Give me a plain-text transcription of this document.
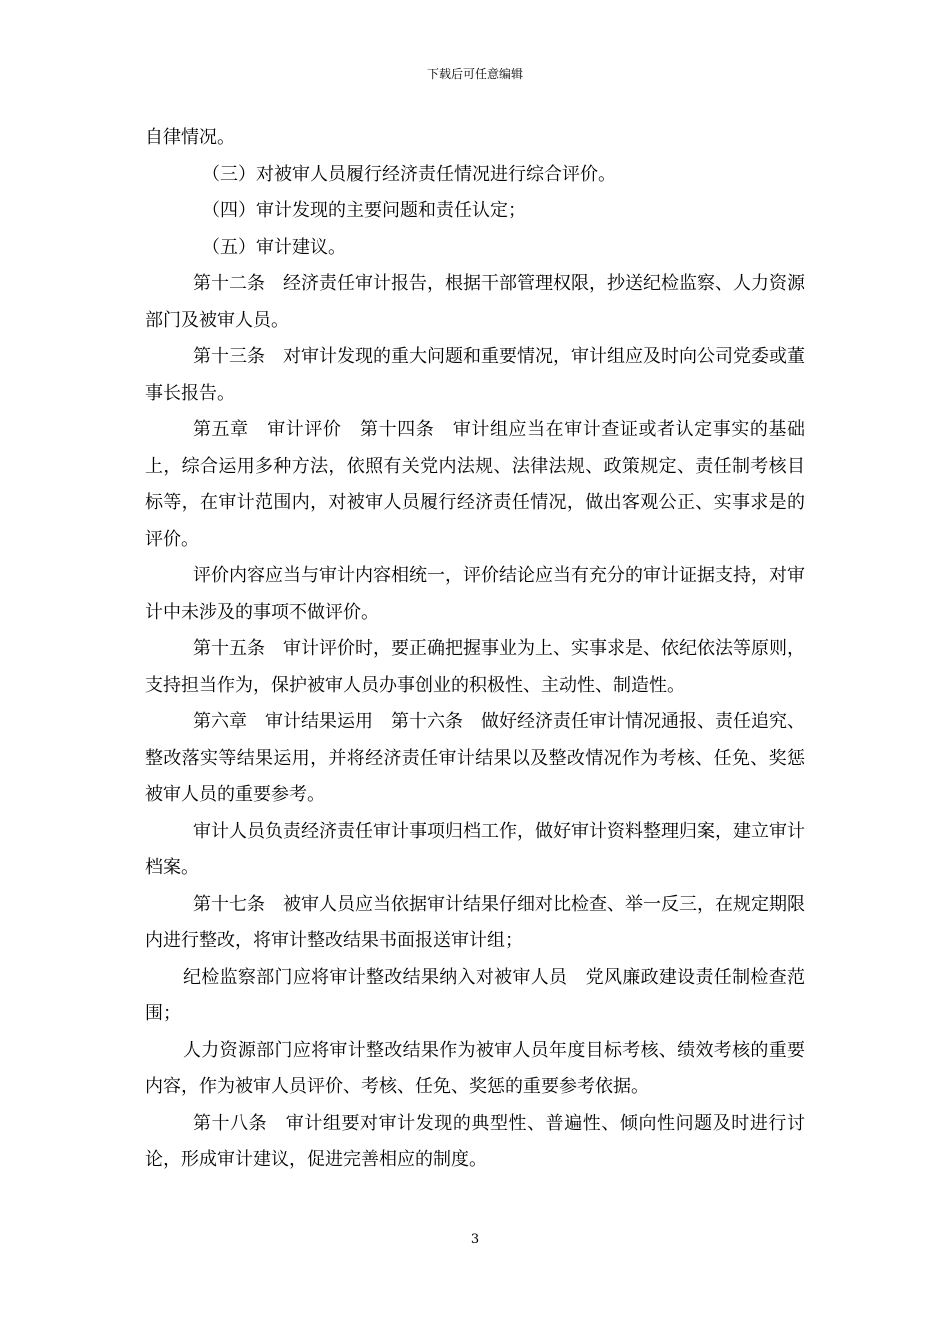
下载后可任意编辑

自律情况。

（三）对被审人员履行经济责任情况进行综合评价。

（四）审计发现的主要问题和责任认定；

（五）审计建议。

第十二条　经济责任审计报告，根据干部管理权限，抄送纪检监察、人力资源部门及被审人员。

第十三条　对审计发现的重大问题和重要情况，审计组应及时向公司党委或董事长报告。

第五章　审计评价　第十四条　审计组应当在审计查证或者认定事实的基础上，综合运用多种方法，依照有关党内法规、法律法规、政策规定、责任制考核目标等，在审计范围内，对被审人员履行经济责任情况，做出客观公正、实事求是的评价。

评价内容应当与审计内容相统一，评价结论应当有充分的审计证据支持，对审计中未涉及的事项不做评价。

第十五条　审计评价时，要正确把握事业为上、实事求是、依纪依法等原则，支持担当作为，保护被审人员办事创业的积极性、主动性、制造性。

第六章　审计结果运用　第十六条　做好经济责任审计情况通报、责任追究、整改落实等结果运用，并将经济责任审计结果以及整改情况作为考核、任免、奖惩被审人员的重要参考。

审计人员负责经济责任审计事项归档工作，做好审计资料整理归案，建立审计档案。

第十七条　被审人员应当依据审计结果仔细对比检查、举一反三，在规定期限内进行整改，将审计整改结果书面报送审计组；

纪检监察部门应将审计整改结果纳入对被审人员　党风廉政建设责任制检查范围；

人力资源部门应将审计整改结果作为被审人员年度目标考核、绩效考核的重要内容，作为被审人员评价、考核、任免、奖惩的重要参考依据。

第十八条　审计组要对审计发现的典型性、普遍性、倾向性问题及时进行讨论，形成审计建议，促进完善相应的制度。

3
